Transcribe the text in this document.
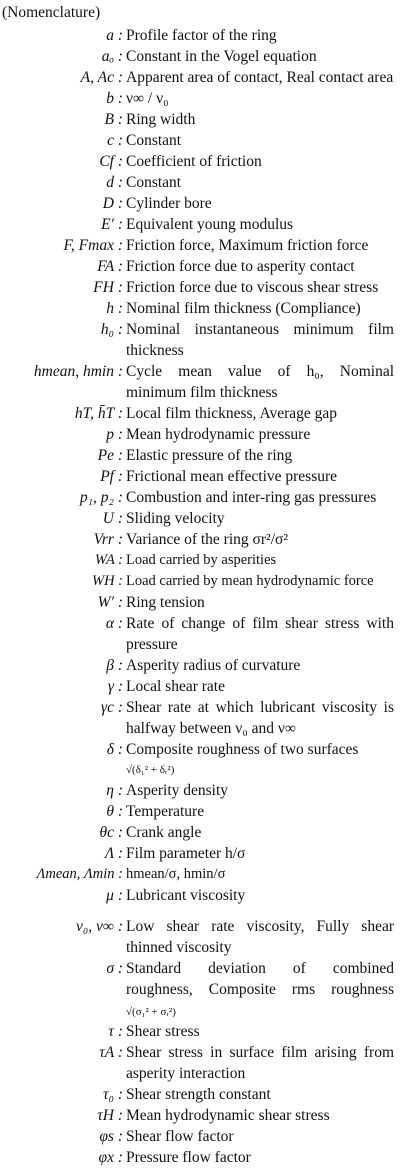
(Nomenclature)
a : Profile factor of the ring
aₒ : Constant in the Vogel equation
A, Ac : Apparent area of contact, Real contact area
b : ν∞ / ν₀
B : Ring width
c : Constant
Cf : Coefficient of friction
d : Constant
D : Cylinder bore
E′ : Equivalent young modulus
F, Fmax : Friction force, Maximum friction force
FA : Friction force due to asperity contact
FH : Friction force due to viscous shear stress
h : Nominal film thickness (Compliance)
h₀ : Nominal instantaneous minimum film thickness
hmean, hmin : Cycle mean value of h₀, Nominal minimum film thickness
hT, h̄T : Local film thickness, Average gap
p : Mean hydrodynamic pressure
Pe : Elastic pressure of the ring
Pf : Frictional mean effective pressure
p₁, p₂ : Combustion and inter-ring gas pressures
U : Sliding velocity
Vrr : Variance of the ring σr²/σ²
WA : Load carried by asperities
WH : Load carried by mean hydrodynamic force
W′ : Ring tension
α : Rate of change of film shear stress with pressure
β : Asperity radius of curvature
γ : Local shear rate
γc : Shear rate at which lubricant viscosity is halfway between ν₀ and ν∞
δ : Composite roughness of two surfaces
√(δ₁² + δᵣ²)
η : Asperity density
θ : Temperature
θc : Crank angle
Λ : Film parameter h/σ
Λmean, Λmin : hmean/σ, hmin/σ
μ : Lubricant viscosity
ν₀, ν∞ : Low shear rate viscosity, Fully shear thinned viscosity
σ : Standard deviation of combined roughness, Composite rms roughness √(σ₁² + σᵣ²)
τ : Shear stress
τA : Shear stress in surface film arising from asperity interaction
τ₀ : Shear strength constant
τH : Mean hydrodynamic shear stress
φs : Shear flow factor
φx : Pressure flow factor
